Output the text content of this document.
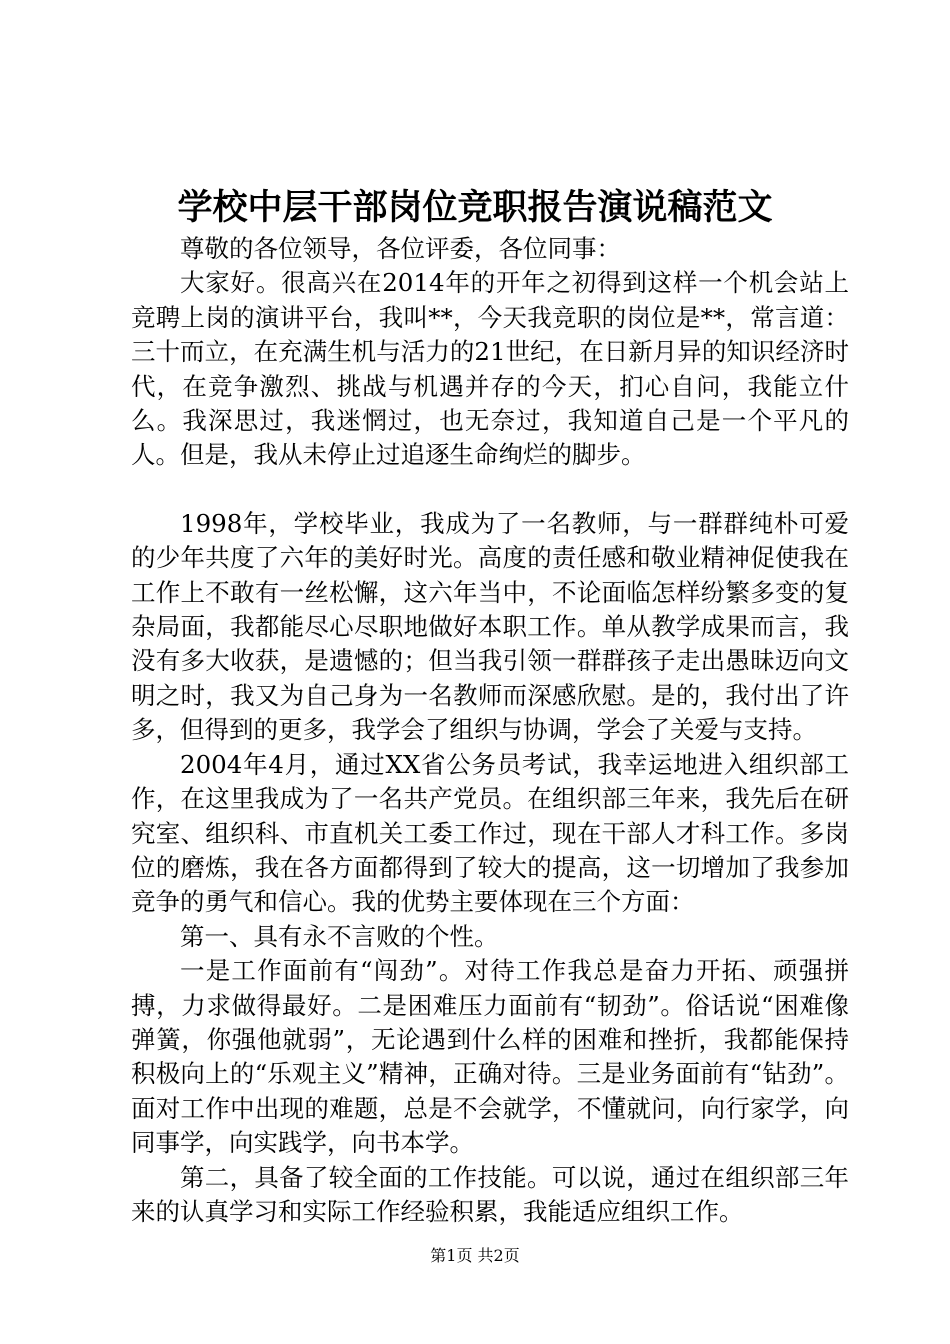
学校中层干部岗位竞职报告演说稿范文

尊敬的各位领导，各位评委，各位同事：

大家好。很高兴在2014年的开年之初得到这样一个机会站上竞聘上岗的演讲平台，我叫**，今天我竞职的岗位是**，常言道：三十而立，在充满生机与活力的21世纪，在日新月异的知识经济时代，在竞争激烈、挑战与机遇并存的今天，扪心自问，我能立什么。我深思过，我迷惘过，也无奈过，我知道自己是一个平凡的人。但是，我从未停止过追逐生命绚烂的脚步。

1998年，学校毕业，我成为了一名教师，与一群群纯朴可爱的少年共度了六年的美好时光。高度的责任感和敬业精神促使我在工作上不敢有一丝松懈，这六年当中，不论面临怎样纷繁多变的复杂局面，我都能尽心尽职地做好本职工作。单从教学成果而言，我没有多大收获，是遗憾的；但当我引领一群群孩子走出愚昧迈向文明之时，我又为自己身为一名教师而深感欣慰。是的，我付出了许多，但得到的更多，我学会了组织与协调，学会了关爱与支持。

2004年4月，通过XX省公务员考试，我幸运地进入组织部工作，在这里我成为了一名共产党员。在组织部三年来，我先后在研究室、组织科、市直机关工委工作过，现在干部人才科工作。多岗位的磨炼，我在各方面都得到了较大的提高，这一切增加了我参加竞争的勇气和信心。我的优势主要体现在三个方面：

第一、具有永不言败的个性。

一是工作面前有“闯劲”。对待工作我总是奋力开拓、顽强拼搏，力求做得最好。二是困难压力面前有“韧劲”。俗话说“困难像弹簧，你强他就弱”，无论遇到什么样的困难和挫折，我都能保持积极向上的“乐观主义”精神，正确对待。三是业务面前有“钻劲”。面对工作中出现的难题，总是不会就学，不懂就问，向行家学，向同事学，向实践学，向书本学。

第二，具备了较全面的工作技能。可以说，通过在组织部三年来的认真学习和实际工作经验积累，我能适应组织工作。

第1页 共2页
